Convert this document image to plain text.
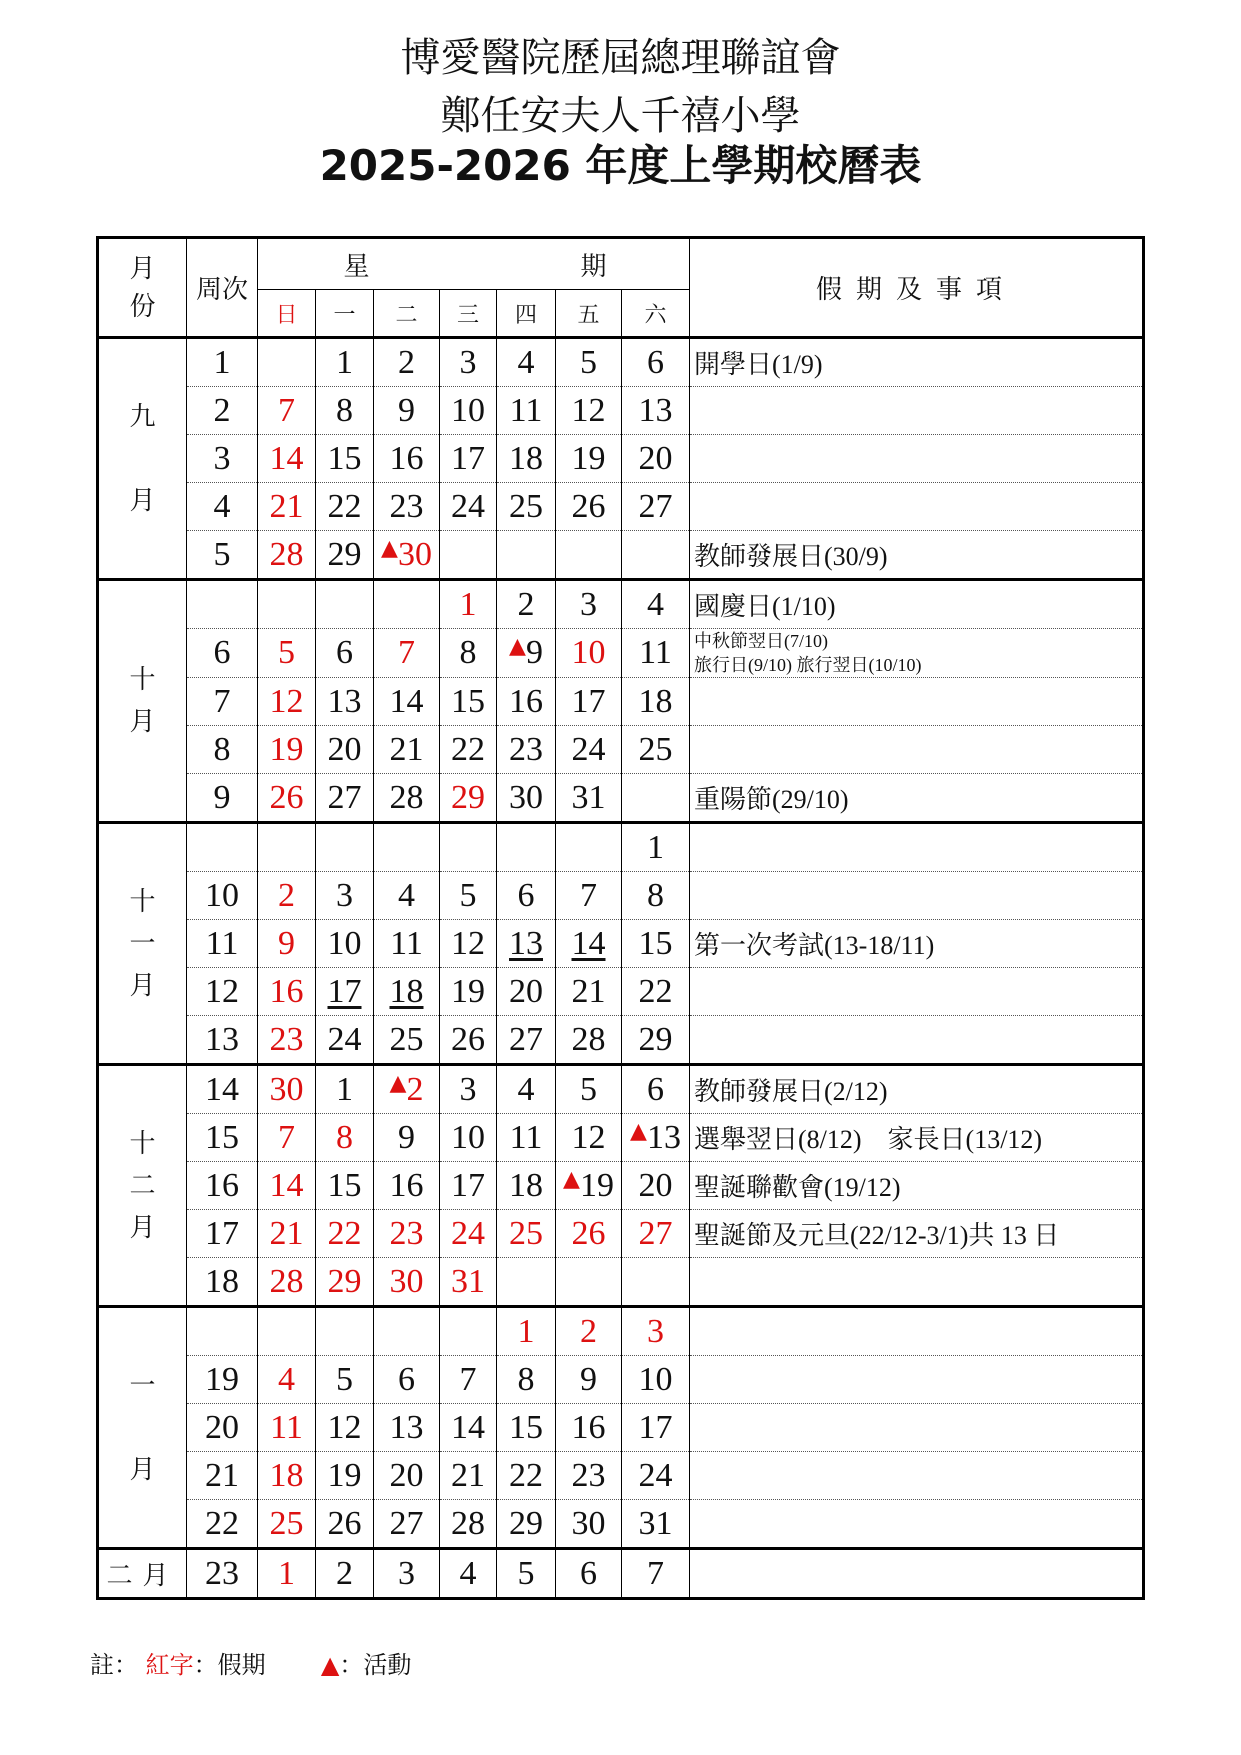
博愛醫院歷屆總理聯誼會
鄭任安夫人千禧小學
2025-2026 年度上學期校曆表
月
份	周次	星 期							假期及事項
		日	一	二	三	四	五	六	
九

月	1		1	2	3	4	5	6	開學日(1/9)
	2	7	8	9	10	11	12	13	
	3	14	15	16	17	18	19	20	
	4	21	22	23	24	25	26	27	
	5	28	29	▲30					教師發展日(30/9)
十
月					1	2	3	4	國慶日(1/10)
	6	5	6	7	8	▲9	10	11	中秋節翌日(7/10)
旅行日(9/10) 旅行翌日(10/10)

	7	12	13	14	15	16	17	18	
	8	19	20	21	22	23	24	25	
	9	26	27	28	29	30	31		重陽節(29/10)
十
一
月								1	
	10	2	3	4	5	6	7	8	
	11	9	10	11	12	13	14	15	第一次考試(13-18/11)
	12	16	17	18	19	20	21	22	
	13	23	24	25	26	27	28	29	
十
二
月	14	30	1	▲2	3	4	5	6	教師發展日(2/12)
	15	7	8	9	10	11	12	▲13	選舉翌日(8/12)　家長日(13/12)
	16	14	15	16	17	18	▲19	20	聖誕聯歡會(19/12)
	17	21	22	23	24	25	26	27	聖誕節及元旦(22/12-3/1)共 13 日
	18	28	29	30	31				
一

月						1	2	3	
	19	4	5	6	7	8	9	10	
	20	11	12	13	14	15	16	17	
	21	18	19	20	21	22	23	24	
	22	25	26	27	28	29	30	31	
二月	23	1	2	3	4	5	6	7	
註： 紅字：假期 ▲：活動
